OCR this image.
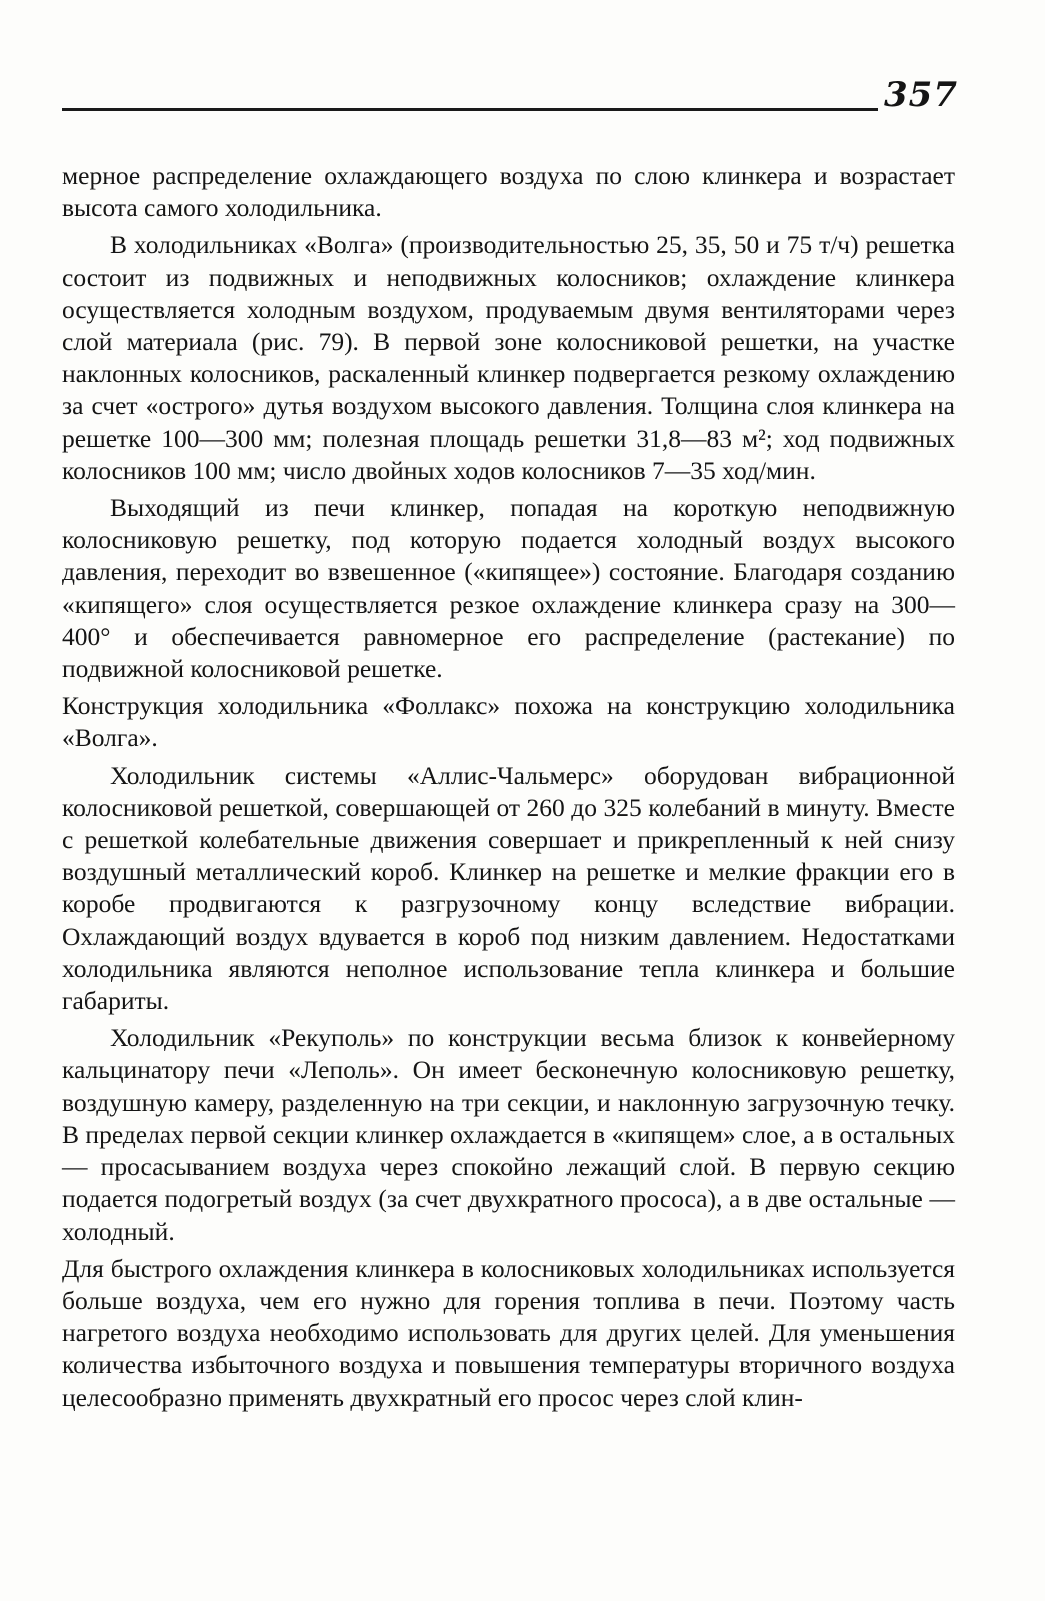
357

мерное распределение охлаждающего воздуха по слою клинкера и возрастает высота самого холодильника.

В холодильниках «Волга» (производительностью 25, 35, 50 и 75 т/ч) решетка состоит из подвижных и неподвижных колосников; охлаждение клинкера осуществляется холодным воздухом, продуваемым двумя вентиляторами через слой материала (рис. 79). В первой зоне колосниковой решетки, на участке наклонных колосников, раскаленный клинкер подвергается резкому охлаждению за счет «острого» дутья воздухом высокого давления. Толщина слоя клинкера на решетке 100—300 мм; полезная площадь решетки 31,8—83 м²; ход подвижных колосников 100 мм; число двойных ходов колосников 7—35 ход/мин.

Выходящий из печи клинкер, попадая на короткую неподвижную колосниковую решетку, под которую подается холодный воздух высокого давления, переходит во взвешенное («кипящее») состояние. Благодаря созданию «кипящего» слоя осуществляется резкое охлаждение клинкера сразу на 300—400° и обеспечивается равномерное его распределение (растекание) по подвижной колосниковой решетке.

Конструкция холодильника «Фоллакс» похожа на конструкцию холодильника «Волга».

Холодильник системы «Аллис-Чальмерс» оборудован вибрационной колосниковой решеткой, совершающей от 260 до 325 колебаний в минуту. Вместе с решеткой колебательные движения совершает и прикрепленный к ней снизу воздушный металлический короб. Клинкер на решетке и мелкие фракции его в коробе продвигаются к разгрузочному концу вследствие вибрации. Охлаждающий воздух вдувается в короб под низким давлением. Недостатками холодильника являются неполное использование тепла клинкера и большие габариты.

Холодильник «Рекуполь» по конструкции весьма близок к конвейерному кальцинатору печи «Леполь». Он имеет бесконечную колосниковую решетку, воздушную камеру, разделенную на три секции, и наклонную загрузочную течку. В пределах первой секции клинкер охлаждается в «кипящем» слое, а в остальных — просасыванием воздуха через спокойно лежащий слой. В первую секцию подается подогретый воздух (за счет двухкратного прососа), а в две остальные — холодный.

Для быстрого охлаждения клинкера в колосниковых холодильниках используется больше воздуха, чем его нужно для горения топлива в печи. Поэтому часть нагретого воздуха необходимо использовать для других целей. Для уменьшения количества избыточного воздуха и повышения температуры вторичного воздуха целесообразно применять двухкратный его просос через слой клин-
